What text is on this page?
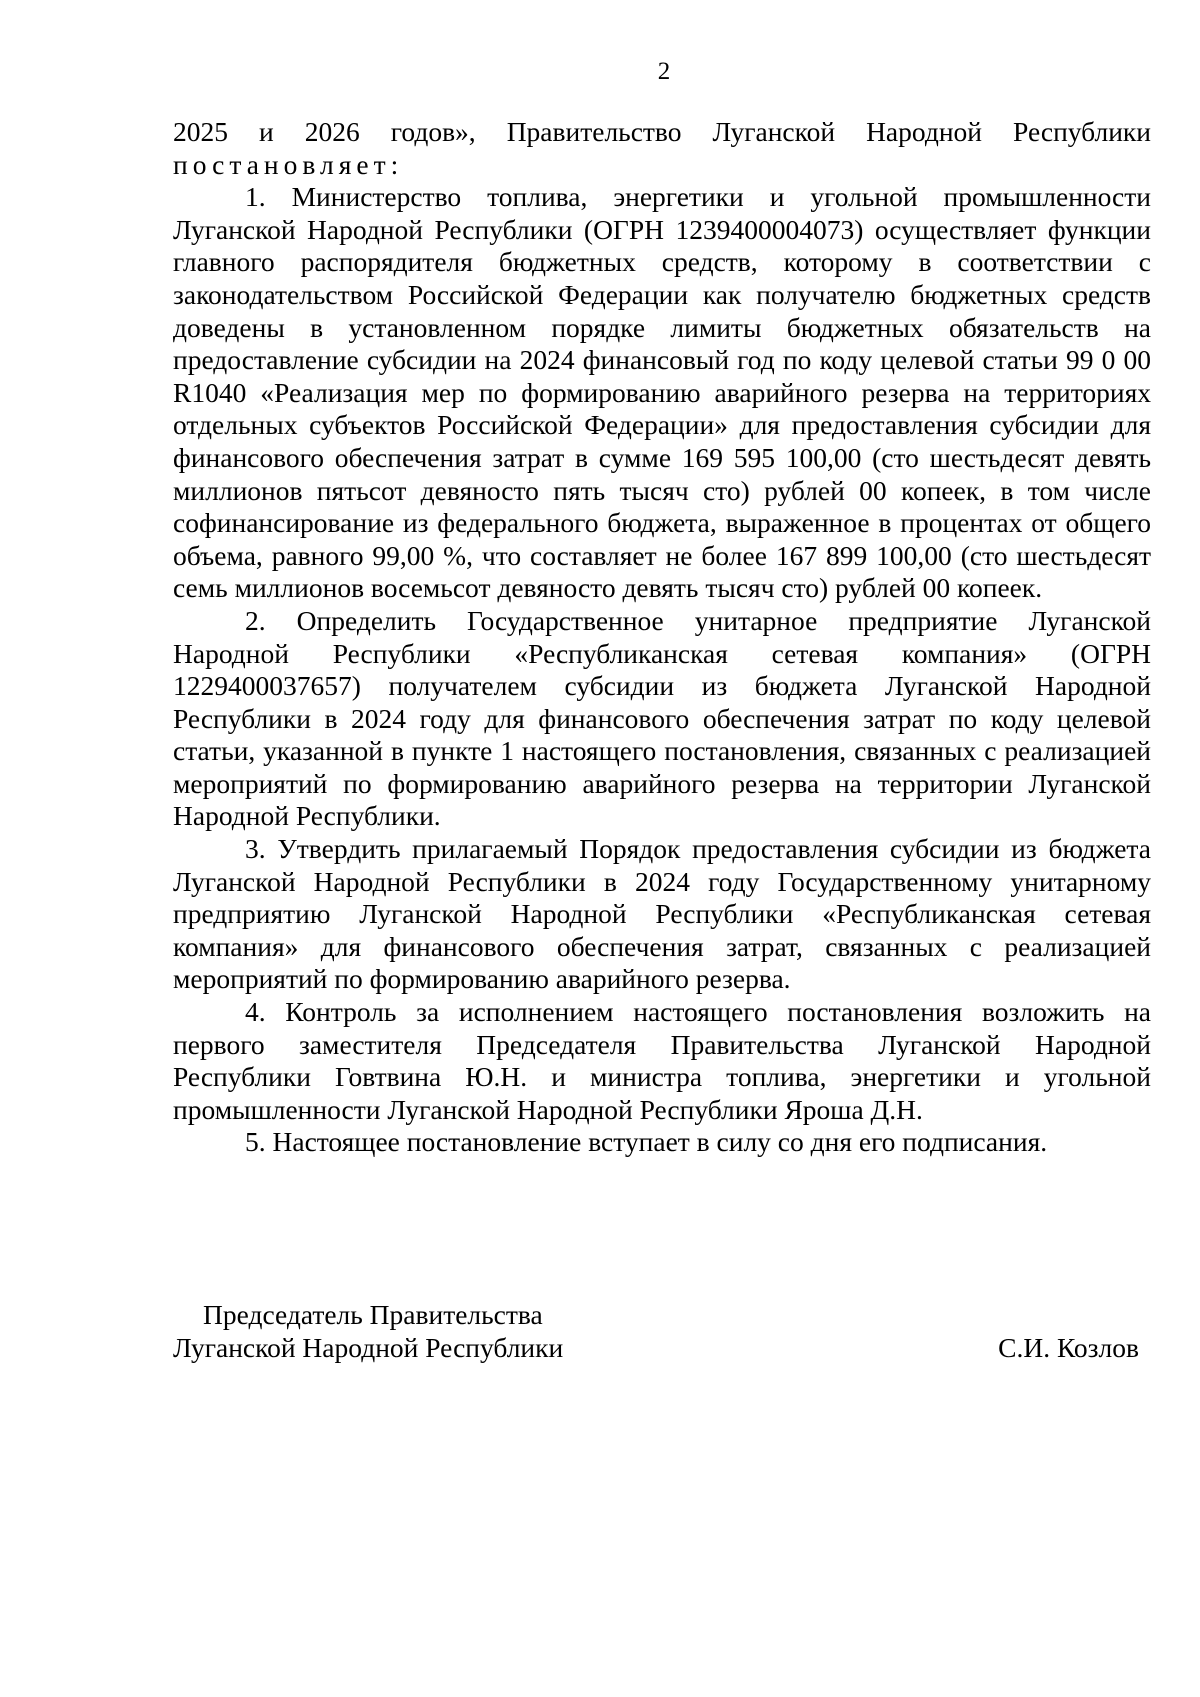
2

2025 и 2026 годов», Правительство Луганской Народной Республики постановляет:

1. Министерство топлива, энергетики и угольной промышленности Луганской Народной Республики (ОГРН 1239400004073) осуществляет функции главного распорядителя бюджетных средств, которому в соответствии с законодательством Российской Федерации как получателю бюджетных средств доведены в установленном порядке лимиты бюджетных обязательств на предоставление субсидии на 2024 финансовый год по коду целевой статьи 99 0 00 R1040 «Реализация мер по формированию аварийного резерва на территориях отдельных субъектов Российской Федерации» для предоставления субсидии для финансового обеспечения затрат в сумме 169 595 100,00 (сто шестьдесят девять миллионов пятьсот девяносто пять тысяч сто) рублей 00 копеек, в том числе софинансирование из федерального бюджета, выраженное в процентах от общего объема, равного 99,00 %, что составляет не более 167 899 100,00 (сто шестьдесят семь миллионов восемьсот девяносто девять тысяч сто) рублей 00 копеек.

2. Определить Государственное унитарное предприятие Луганской Народной Республики «Республиканская сетевая компания» (ОГРН 1229400037657) получателем субсидии из бюджета Луганской Народной Республики в 2024 году для финансового обеспечения затрат по коду целевой статьи, указанной в пункте 1 настоящего постановления, связанных с реализацией мероприятий по формированию аварийного резерва на территории Луганской Народной Республики.

3. Утвердить прилагаемый Порядок предоставления субсидии из бюджета Луганской Народной Республики в 2024 году Государственному унитарному предприятию Луганской Народной Республики «Республиканская сетевая компания» для финансового обеспечения затрат, связанных с реализацией мероприятий по формированию аварийного резерва.

4. Контроль за исполнением настоящего постановления возложить на первого заместителя Председателя Правительства Луганской Народной Республики Говтвина Ю.Н. и министра топлива, энергетики и угольной промышленности Луганской Народной Республики Яроша Д.Н.

5. Настоящее постановление вступает в силу со дня его подписания.

Председатель Правительства
Луганской Народной Республики	С.И. Козлов
